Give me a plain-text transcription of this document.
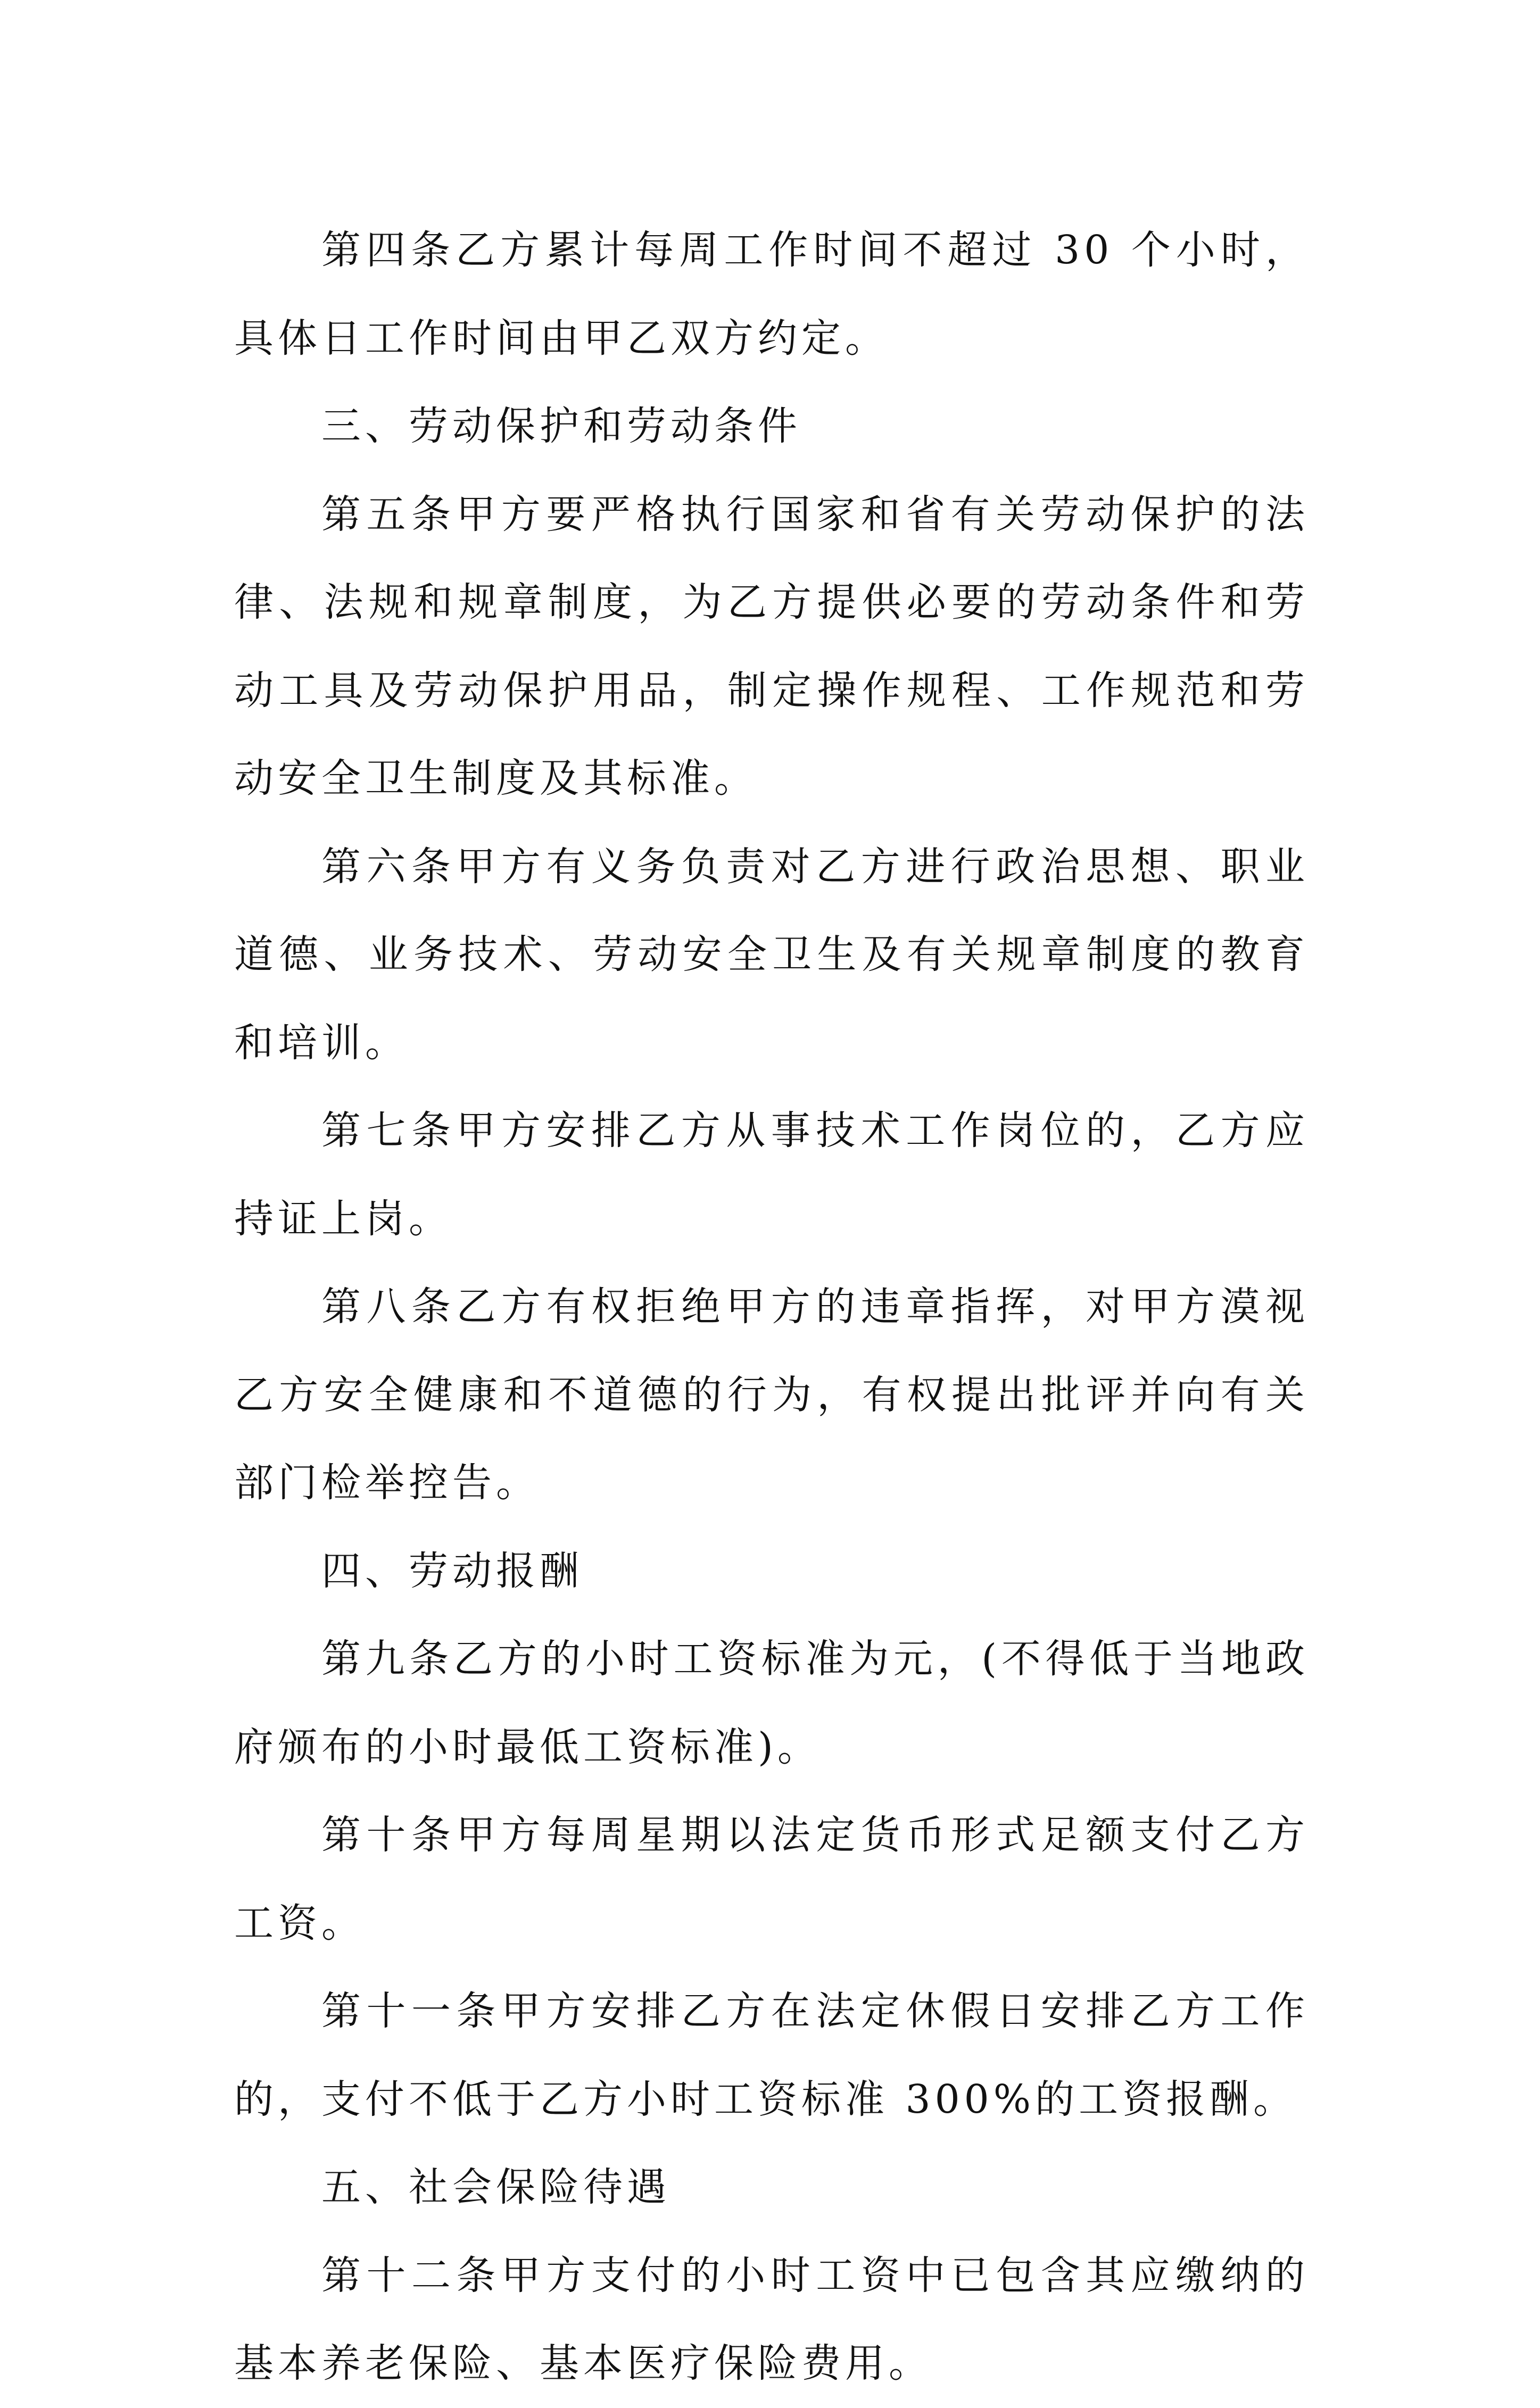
第四条乙方累计每周工作时间不超过 30 个小时，具体日工作时间由甲乙双方约定。

三、劳动保护和劳动条件

第五条甲方要严格执行国家和省有关劳动保护的法律、法规和规章制度，为乙方提供必要的劳动条件和劳动工具及劳动保护用品，制定操作规程、工作规范和劳动安全卫生制度及其标准。

第六条甲方有义务负责对乙方进行政治思想、职业道德、业务技术、劳动安全卫生及有关规章制度的教育和培训。

第七条甲方安排乙方从事技术工作岗位的，乙方应持证上岗。

第八条乙方有权拒绝甲方的违章指挥，对甲方漠视乙方安全健康和不道德的行为，有权提出批评并向有关部门检举控告。

四、劳动报酬

第九条乙方的小时工资标准为元，(不得低于当地政府颁布的小时最低工资标准)。

第十条甲方每周星期以法定货币形式足额支付乙方工资。

第十一条甲方安排乙方在法定休假日安排乙方工作的，支付不低于乙方小时工资标准 300%的工资报酬。

五、社会保险待遇

第十二条甲方支付的小时工资中已包含其应缴纳的基本养老保险、基本医疗保险费用。
